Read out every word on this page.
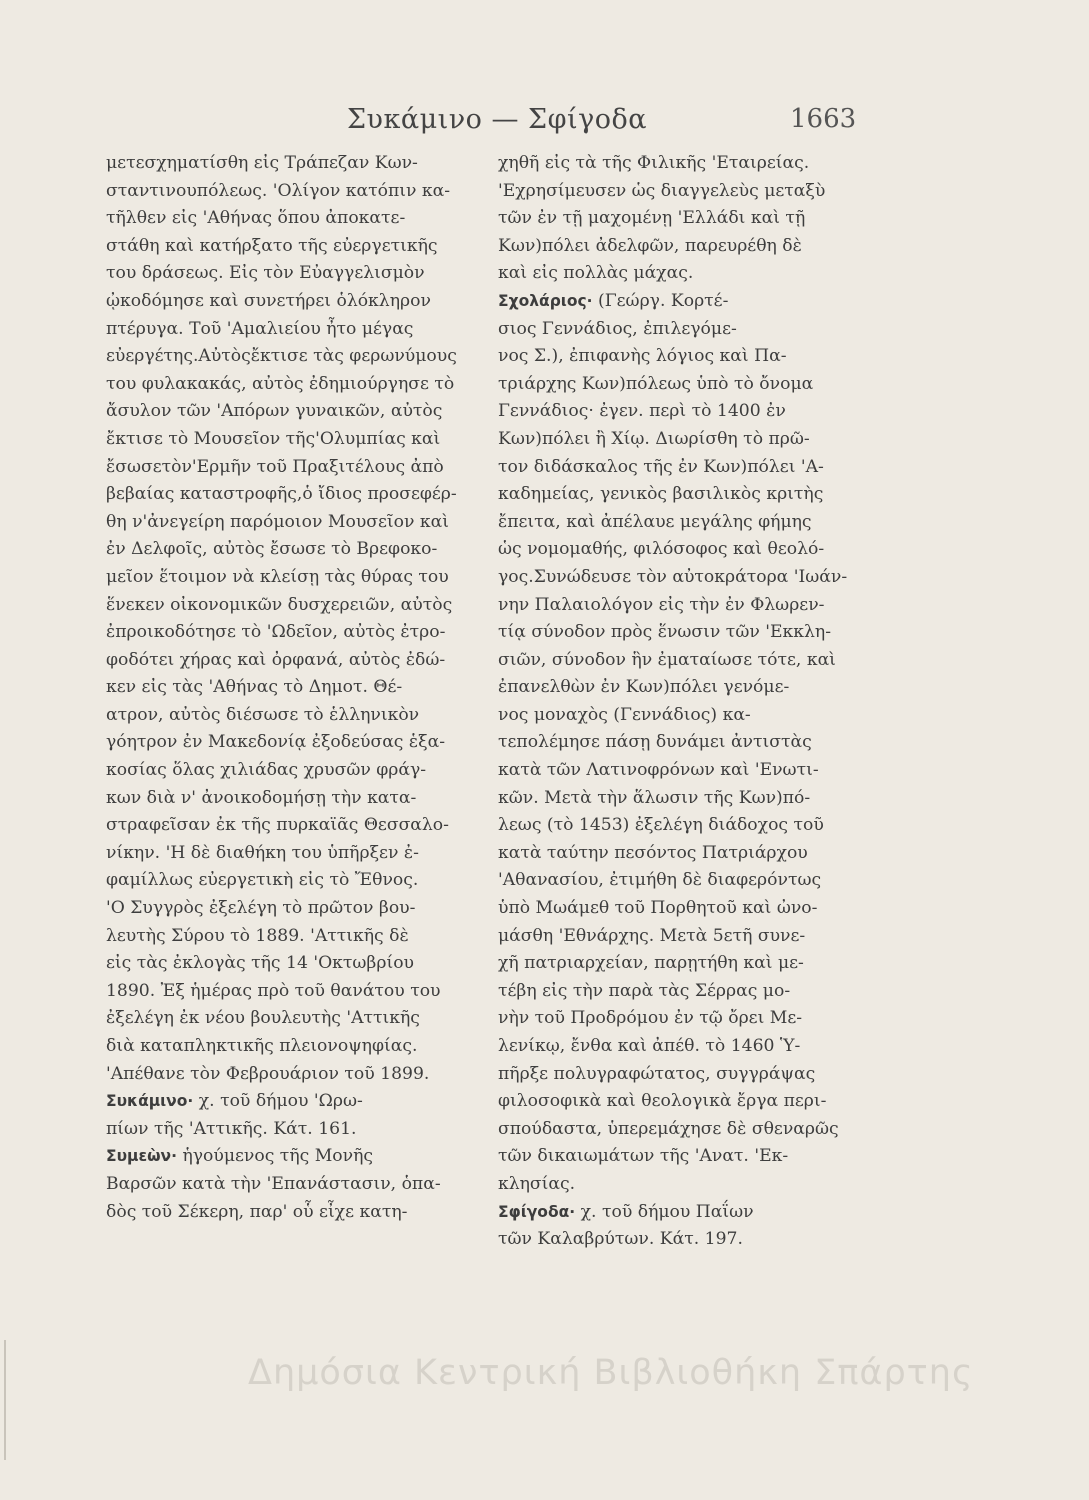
Συκάμινο — Σφίγοδα	1663
μετεσχηματίσθη εἰς Τράπεζαν Κων-
σταντινουπόλεως. 'Ολίγον κατόπιν κα-
τῆλθεν εἰς 'Αθήνας ὅπου ἀποκατε-
στάθη καὶ κατήρξατο τῆς εὐεργετικῆς
του δράσεως. Εἰς τὸν Εὐαγγελισμὸν
ᾠκοδόμησε καὶ συνετήρει ὁλόκληρον
πτέρυγα. Τοῦ 'Αμαλιείου ἦτο μέγας
εὐεργέτης.Αὐτὸςἔκτισε τὰς φερωνύμους
του φυλακακάς, αὐτὸς ἐδημιούργησε τὸ
ἄσυλον τῶν 'Απόρων γυναικῶν, αὐτὸς
ἔκτισε τὸ Μουσεῖον τῆς'Ολυμπίας καὶ
ἔσωσετὸν'Ερμῆν τοῦ Πραξιτέλους ἀπὸ
βεβαίας καταστροφῆς,ὁ ἴδιος προσεφέρ-
θη ν'ἀνεγείρη παρόμοιον Μουσεῖον καὶ
ἐν Δελφοῖς, αὐτὸς ἔσωσε τὸ Βρεφοκο-
μεῖον ἕτοιμον νὰ κλείσῃ τὰς θύρας του
ἕνεκεν οἰκονομικῶν δυσχερειῶν, αὐτὸς
ἐπροικοδότησε τὸ 'Ωδεῖον, αὐτὸς ἐτρο-
φοδότει χήρας καὶ ὀρφανά, αὐτὸς ἐδώ-
κεν εἰς τὰς 'Αθήνας τὸ Δημοτ. Θέ-
ατρον, αὐτὸς διέσωσε τὸ ἑλληνικὸν
γόητρον ἐν Μακεδονίᾳ ἐξοδεύσας ἑξα-
κοσίας ὅλας χιλιάδας χρυσῶν φράγ-
κων διὰ ν' ἀνοικοδομήσῃ τὴν κατα-
στραφεῖσαν ἐκ τῆς πυρκαϊᾶς Θεσσαλο-
νίκην. 'Η δὲ διαθήκη του ὑπῆρξεν ἐ-
φαμίλλως εὐεργετικὴ εἰς τὸ Ἔθνος.
'Ο Συγγρὸς ἐξελέγη τὸ πρῶτον βου-
λευτὴς Σύρου τὸ 1889. 'Αττικῆς δὲ
εἰς τὰς ἐκλογὰς τῆς 14 'Οκτωβρίου
1890. Ἐξ ἡμέρας πρὸ τοῦ θανάτου του
ἐξελέγη ἐκ νέου βουλευτὴς 'Αττικῆς
διὰ καταπληκτικῆς πλειονοψηφίας.
'Απέθανε τὸν Φεβρουάριον τοῦ 1899.
Συκάμινο· χ. τοῦ δήμου 'Ωρω-
πίων τῆς 'Αττικῆς. Κάτ. 161.
Συμεὼν· ἡγούμενος τῆς Μονῆς
Βαρσῶν κατὰ τὴν 'Επανάστασιν, ὁπα-
δὸς τοῦ Σέκερη, παρ' οὗ εἶχε κατη-
χηθῆ εἰς τὰ τῆς Φιλικῆς 'Εταιρείας.
'Εχρησίμευσεν ὡς διαγγελεὺς μεταξὺ
τῶν ἐν τῇ μαχομένῃ 'Ελλάδι καὶ τῇ
Κων)πόλει ἀδελφῶν, παρευρέθη δὲ
καὶ εἰς πολλὰς μάχας.
Σχολάριος· (Γεώργ. Κορτέ-
σιος Γεννάδιος, ἐπιλεγόμε-
νος Σ.), ἐπιφανὴς λόγιος καὶ Πα-
τριάρχης Κων)πόλεως ὑπὸ τὸ ὄνομα
Γεννάδιος· ἐγεν. περὶ τὸ 1400 ἐν
Κων)πόλει ἢ Χίῳ. Διωρίσθη τὸ πρῶ-
τον διδάσκαλος τῆς ἐν Κων)πόλει 'Α-
καδημείας, γενικὸς βασιλικὸς κριτὴς
ἔπειτα, καὶ ἀπέλαυε μεγάλης φήμης
ὡς νομομαθής, φιλόσοφος καὶ θεολό-
γος.Συνώδευσε τὸν αὐτοκράτορα 'Ιωάν-
νην Παλαιολόγον εἰς τὴν ἐν Φλωρεν-
τίᾳ σύνοδον πρὸς ἕνωσιν τῶν 'Εκκλη-
σιῶν, σύνοδον ἣν ἐματαίωσε τότε, καὶ
ἐπανελθὼν ἐν Κων)πόλει γενόμε-
νος μοναχὸς (Γεννάδιος) κα-
τεπολέμησε πάσῃ δυνάμει ἀντιστὰς
κατὰ τῶν Λατινοφρόνων καὶ 'Ενωτι-
κῶν. Μετὰ τὴν ἅλωσιν τῆς Κων)πό-
λεως (τὸ 1453) ἐξελέγη διάδοχος τοῦ
κατὰ ταύτην πεσόντος Πατριάρχου
'Αθανασίου, ἐτιμήθη δὲ διαφερόντως
ὑπὸ Μωάμεθ τοῦ Πορθητοῦ καὶ ὠνο-
μάσθη 'Εθνάρχης. Μετὰ 5ετῆ συνε-
χῆ πατριαρχείαν, παρῃτήθη καὶ με-
τέβη εἰς τὴν παρὰ τὰς Σέρρας μο-
νὴν τοῦ Προδρόμου ἐν τῷ ὄρει Με-
λενίκῳ, ἔνθα καὶ ἀπέθ. τὸ 1460 Ὑ-
πῆρξε πολυγραφώτατος, συγγράψας
φιλοσοφικὰ καὶ θεολογικὰ ἔργα περι-
σπούδαστα, ὑπερεμάχησε δὲ σθεναρῶς
τῶν δικαιωμάτων τῆς 'Ανατ. 'Εκ-
κλησίας.
Σφίγοδα· χ. τοῦ δήμου Παΐων
τῶν Καλαβρύτων. Κάτ. 197.
Δημόσια Κεντρική Βιβλιοθήκη Σπάρτης
